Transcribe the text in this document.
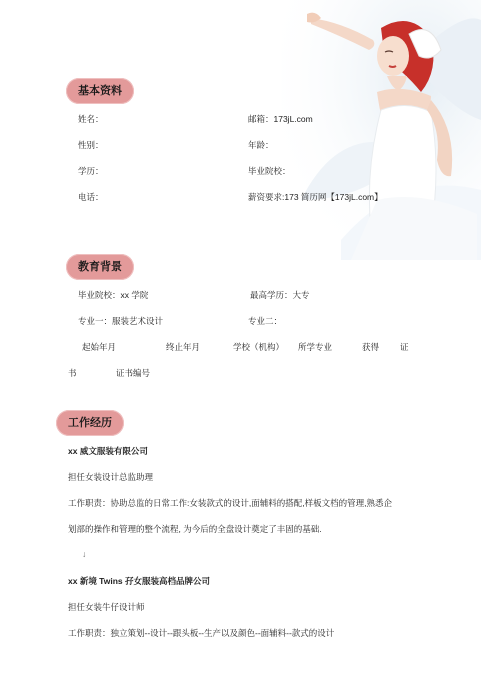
基本资料
姓名：	邮箱：173jL.com
性别：	年龄：
学历：	毕业院校：
电话：	薪资要求:173 简历网【173jL.com】
教育背景
毕业院校：xx 学院	最高学历：大专
专业一：服装艺术设计	专业二：
起始年月	终止年月	学校（机构） 所学专业	获得 证
书	证书编号
工作经历
xx 威文服装有限公司
担任女装设计总监助理
工作职责：协助总监的日常工作:女装款式的设计,面辅料的搭配,样板文档的管理,熟悉企
划部的操作和管理的整个流程, 为今后的全盘设计奠定了丰固的基础.
↓
xx 新境 Twins 孖女服装高档品牌公司
担任女装牛仔设计师
工作职责：独立策划--设计--跟头板--生产以及颜色--面辅料--款式的设计
